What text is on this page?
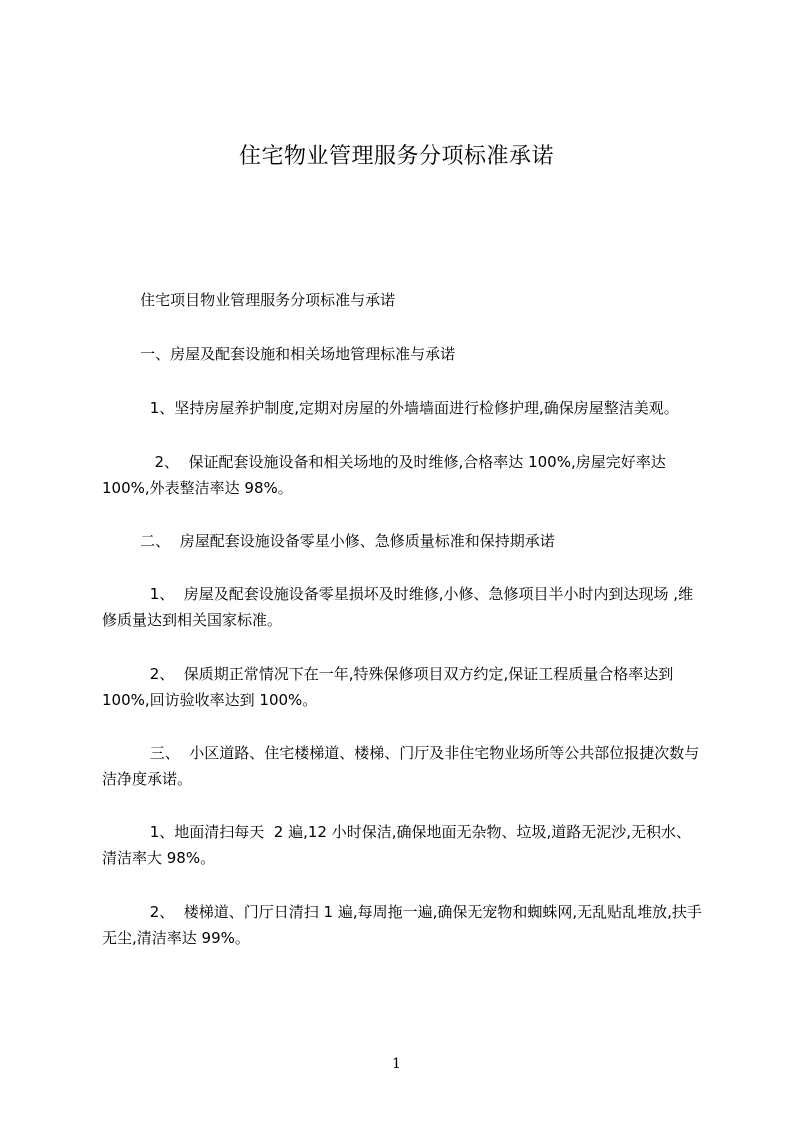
住宅物业管理服务分项标准承诺

住宅项目物业管理服务分项标准与承诺

一、房屋及配套设施和相关场地管理标准与承诺

1、坚持房屋养护制度,定期对房屋的外墙墙面进行检修护理,确保房屋整洁美观。

2、  保证配套设施设备和相关场地的及时维修,合格率达 100%,房屋完好率达100%,外表整洁率达 98%。

二、  房屋配套设施设备零星小修、急修质量标准和保持期承诺

1、  房屋及配套设施设备零星损坏及时维修,小修、急修项目半小时内到达现场 ,维修质量达到相关国家标准。

2、  保质期正常情况下在一年,特殊保修项目双方约定,保证工程质量合格率达到100%,回访验收率达到 100%。

三、  小区道路、住宅楼梯道、楼梯、门厅及非住宅物业场所等公共部位报捷次数与洁净度承诺。

1、地面清扫每天  2 遍,12 小时保洁,确保地面无杂物、垃圾,道路无泥沙,无积水、清洁率大 98%。

2、  楼梯道、门厅日清扫 1 遍,每周拖一遍,确保无宠物和蜘蛛网,无乱贴乱堆放,扶手无尘,清洁率达 99%。

1
